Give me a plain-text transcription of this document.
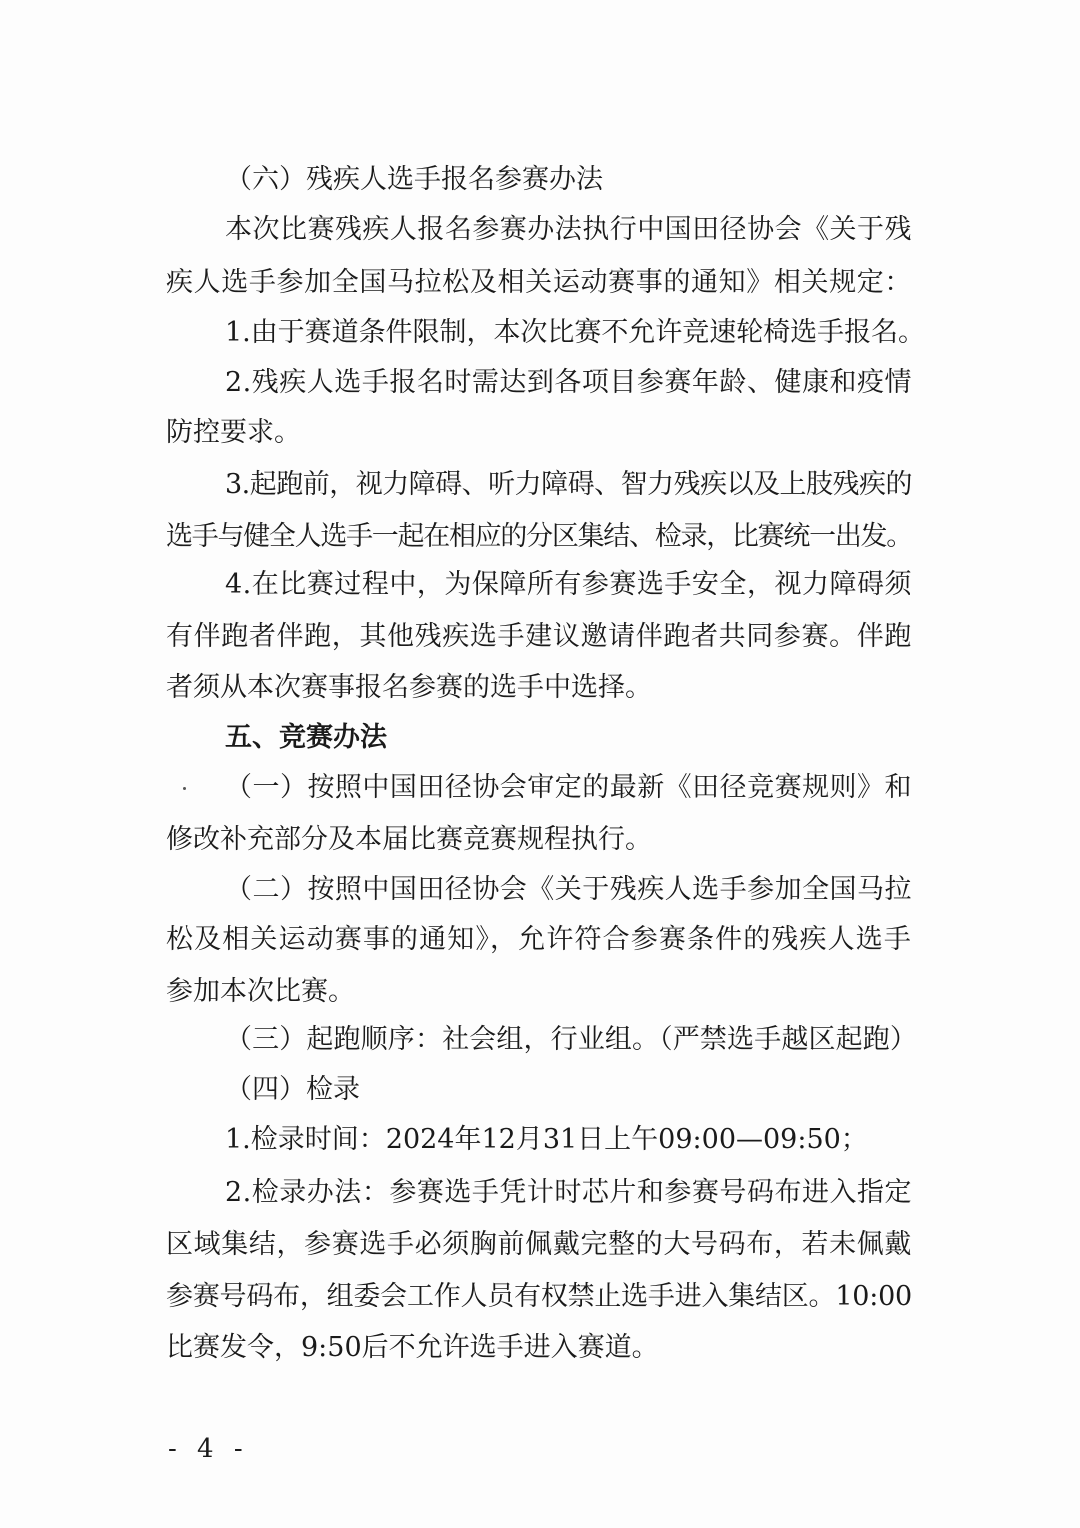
（六）残疾人选手报名参赛办法
本次比赛残疾人报名参赛办法执行中国田径协会《关于残
疾人选手参加全国马拉松及相关运动赛事的通知》相关规定：
1.由于赛道条件限制，本次比赛不允许竞速轮椅选手报名。
2.残疾人选手报名时需达到各项目参赛年龄、健康和疫情
防控要求。
3.起跑前，视力障碍、听力障碍、智力残疾以及上肢残疾的
选手与健全人选手一起在相应的分区集结、检录，比赛统一出发。
4.在比赛过程中，为保障所有参赛选手安全，视力障碍须
有伴跑者伴跑，其他残疾选手建议邀请伴跑者共同参赛。伴跑
者须从本次赛事报名参赛的选手中选择。
五、竞赛办法
（一）按照中国田径协会审定的最新《田径竞赛规则》和
修改补充部分及本届比赛竞赛规程执行。
（二）按照中国田径协会《关于残疾人选手参加全国马拉
松及相关运动赛事的通知》，允许符合参赛条件的残疾人选手
参加本次比赛。
（三）起跑顺序：社会组，行业组。（严禁选手越区起跑）
（四）检录
1.检录时间：2024年12月31日上午09:00—09:50；
2.检录办法：参赛选手凭计时芯片和参赛号码布进入指定
区域集结，参赛选手必须胸前佩戴完整的大号码布，若未佩戴
参赛号码布，组委会工作人员有权禁止选手进入集结区。10:00
比赛发令，9:50后不允许选手进入赛道。
- 4 -
